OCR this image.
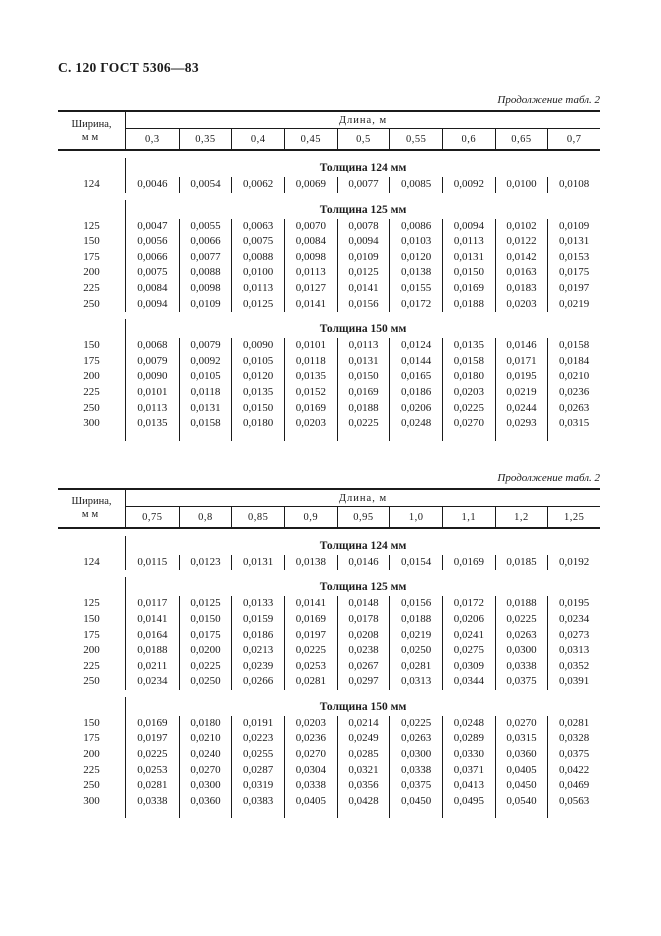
С. 120 ГОСТ 5306—83
Продолжение табл. 2
Ширина,
мм
Длина, м
0,3	0,35	0,4	0,45	0,5	0,55	0,6	0,65	0,7
Толщина 124 мм
124	0,0046	0,0054	0,0062	0,0069	0,0077	0,0085	0,0092	0,0100	0,0108
Толщина 125 мм
125	0,0047	0,0055	0,0063	0,0070	0,0078	0,0086	0,0094	0,0102	0,0109
150	0,0056	0,0066	0,0075	0,0084	0,0094	0,0103	0,0113	0,0122	0,0131
175	0,0066	0,0077	0,0088	0,0098	0,0109	0,0120	0,0131	0,0142	0,0153
200	0,0075	0,0088	0,0100	0,0113	0,0125	0,0138	0,0150	0,0163	0,0175
225	0,0084	0,0098	0,0113	0,0127	0,0141	0,0155	0,0169	0,0183	0,0197
250	0,0094	0,0109	0,0125	0,0141	0,0156	0,0172	0,0188	0,0203	0,0219
Толщина 150 мм
150	0,0068	0,0079	0,0090	0,0101	0,0113	0,0124	0,0135	0,0146	0,0158
175	0,0079	0,0092	0,0105	0,0118	0,0131	0,0144	0,0158	0,0171	0,0184
200	0,0090	0,0105	0,0120	0,0135	0,0150	0,0165	0,0180	0,0195	0,0210
225	0,0101	0,0118	0,0135	0,0152	0,0169	0,0186	0,0203	0,0219	0,0236
250	0,0113	0,0131	0,0150	0,0169	0,0188	0,0206	0,0225	0,0244	0,0263
300	0,0135	0,0158	0,0180	0,0203	0,0225	0,0248	0,0270	0,0293	0,0315
Продолжение табл. 2
Ширина,
мм
Длина, м
0,75	0,8	0,85	0,9	0,95	1,0	1,1	1,2	1,25
Толщина 124 мм
124	0,0115	0,0123	0,0131	0,0138	0,0146	0,0154	0,0169	0,0185	0,0192
Толщина 125 мм
125	0,0117	0,0125	0,0133	0,0141	0,0148	0,0156	0,0172	0,0188	0,0195
150	0,0141	0,0150	0,0159	0,0169	0,0178	0,0188	0,0206	0,0225	0,0234
175	0,0164	0,0175	0,0186	0,0197	0,0208	0,0219	0,0241	0,0263	0,0273
200	0,0188	0,0200	0,0213	0,0225	0,0238	0,0250	0,0275	0,0300	0,0313
225	0,0211	0,0225	0,0239	0,0253	0,0267	0,0281	0,0309	0,0338	0,0352
250	0,0234	0,0250	0,0266	0,0281	0,0297	0,0313	0,0344	0,0375	0,0391
Толщина 150 мм
150	0,0169	0,0180	0,0191	0,0203	0,0214	0,0225	0,0248	0,0270	0,0281
175	0,0197	0,0210	0,0223	0,0236	0,0249	0,0263	0,0289	0,0315	0,0328
200	0,0225	0,0240	0,0255	0,0270	0,0285	0,0300	0,0330	0,0360	0,0375
225	0,0253	0,0270	0,0287	0,0304	0,0321	0,0338	0,0371	0,0405	0,0422
250	0,0281	0,0300	0,0319	0,0338	0,0356	0,0375	0,0413	0,0450	0,0469
300	0,0338	0,0360	0,0383	0,0405	0,0428	0,0450	0,0495	0,0540	0,0563
